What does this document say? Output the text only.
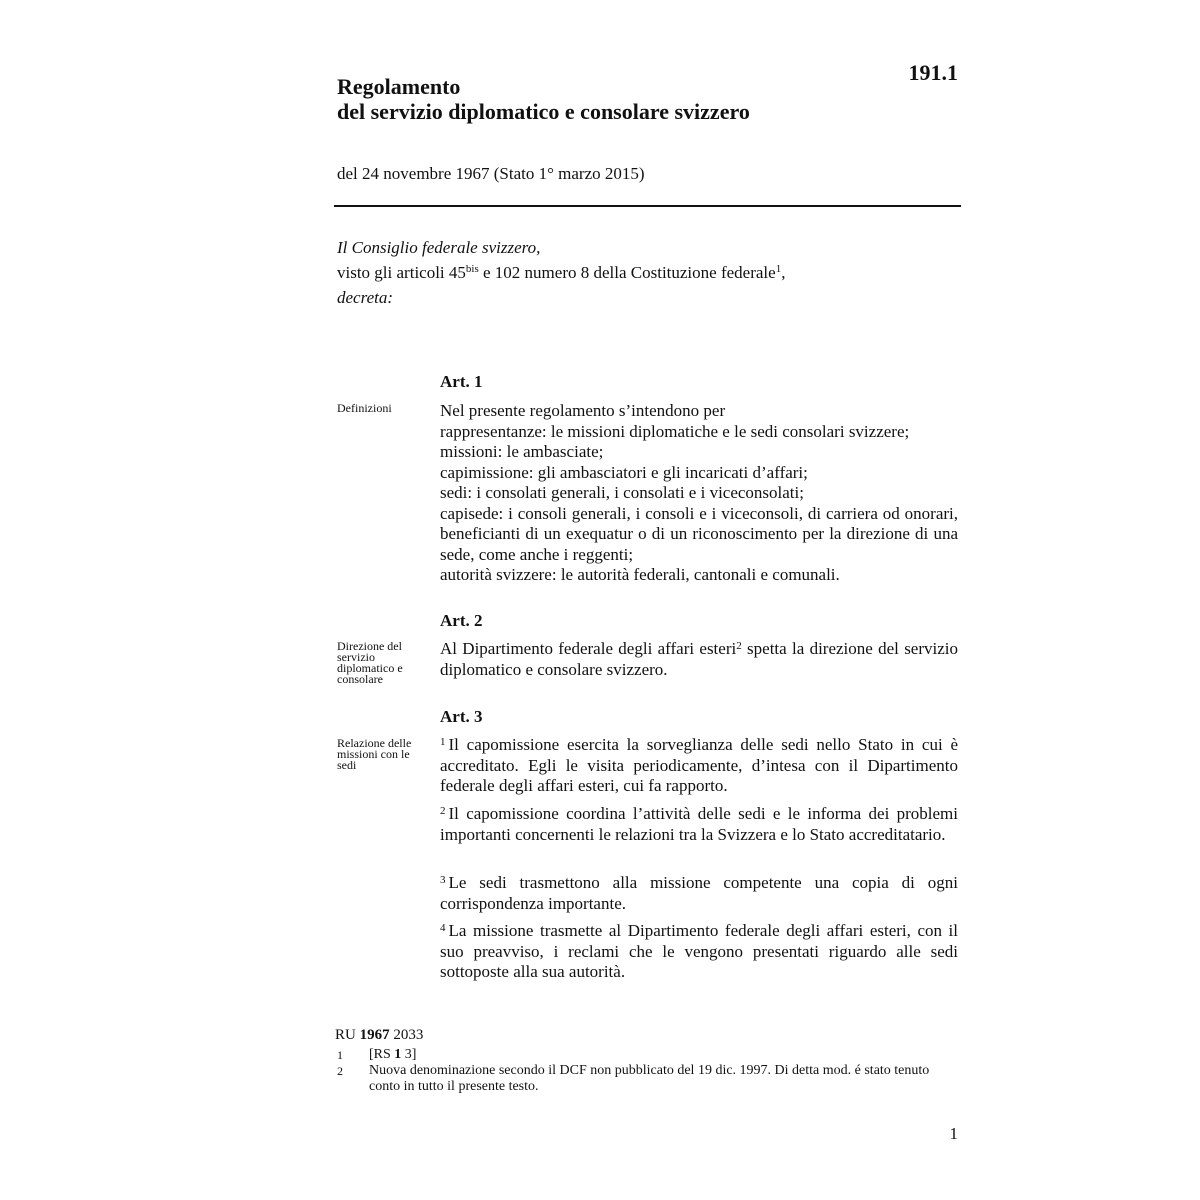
191.1
Regolamento
del servizio diplomatico e consolare svizzero
del 24 novembre 1967 (Stato 1° marzo 2015)
Il Consiglio federale svizzero,
visto gli articoli $45^{bis}$ e 102 numero 8 della Costituzione federale$^1$,
decreta:
Art. 1
Definizioni	Nel presente regolamento s’intendono per
rappresentanze: le missioni diplomatiche e le sedi consolari svizzere;
missioni: le ambasciate;
capimissione: gli ambasciatori e gli incaricati d’affari;
sedi: i consolati generali, i consolati e i viceconsolati;
capisede: i consoli generali, i consoli e i viceconsoli, di carriera od onorari, beneficianti di un exequatur o di un riconoscimento per la direzione di una sede, come anche i reggenti;
autorità svizzere: le autorità federali, cantonali e comunali.
Art. 2
Direzione del servizio diplomatico e consolare

Al Dipartimento federale degli affari esteri$^2$ spetta la direzione del servizio diplomatico e consolare svizzero.

Art. 3
Relazione delle missioni con le sedi

$^1$ Il capomissione esercita la sorveglianza delle sedi nello Stato in cui è accreditato. Egli le visita periodicamente, d’intesa con il Dipartimento federale degli affari esteri, cui fa rapporto.

$^2$ Il capomissione coordina l’attività delle sedi e le informa dei problemi importanti concernenti le relazioni tra la Svizzera e lo Stato accreditatario.

$^3$ Le sedi trasmettono alla missione competente una copia di ogni corrispondenza importante.

$^4$ La missione trasmette al Dipartimento federale degli affari esteri, con il suo preavviso, i reclami che le vengono presentati riguardo alle sedi sottoposte alla sua autorità.

RU 1967 2033
1 [RS 1 3]
2 Nuova denominazione secondo il DCF non pubblicato del 19 dic. 1997. Di detta mod. é stato tenuto conto in tutto il presente testo.
1
